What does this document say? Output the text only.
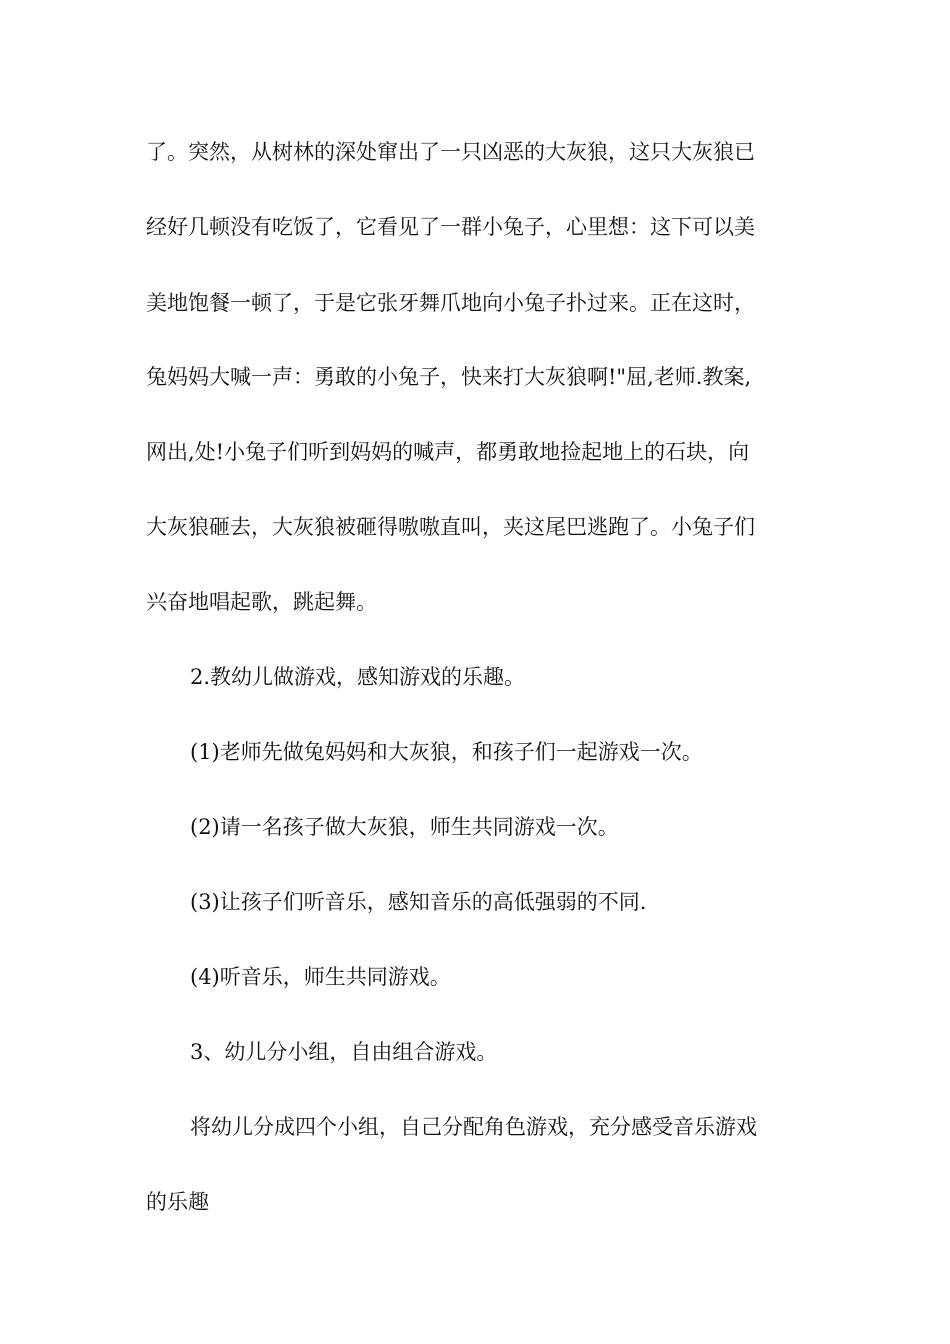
了。突然，从树林的深处窜出了一只凶恶的大灰狼，这只大灰狼已
经好几顿没有吃饭了，它看见了一群小兔子，心里想：这下可以美
美地饱餐一顿了，于是它张牙舞爪地向小兔子扑过来。正在这时，
兔妈妈大喊一声：勇敢的小兔子，快来打大灰狼啊!"屈,老师.教案,
网出,处!小兔子们听到妈妈的喊声，都勇敢地捡起地上的石块，向
大灰狼砸去，大灰狼被砸得嗷嗷直叫，夹这尾巴逃跑了。小兔子们
兴奋地唱起歌，跳起舞。
2.教幼儿做游戏，感知游戏的乐趣。
(1)老师先做兔妈妈和大灰狼，和孩子们一起游戏一次。
(2)请一名孩子做大灰狼，师生共同游戏一次。
(3)让孩子们听音乐，感知音乐的高低强弱的不同.
(4)听音乐，师生共同游戏。
3、幼儿分小组，自由组合游戏。
将幼儿分成四个小组，自己分配角色游戏，充分感受音乐游戏
的乐趣
